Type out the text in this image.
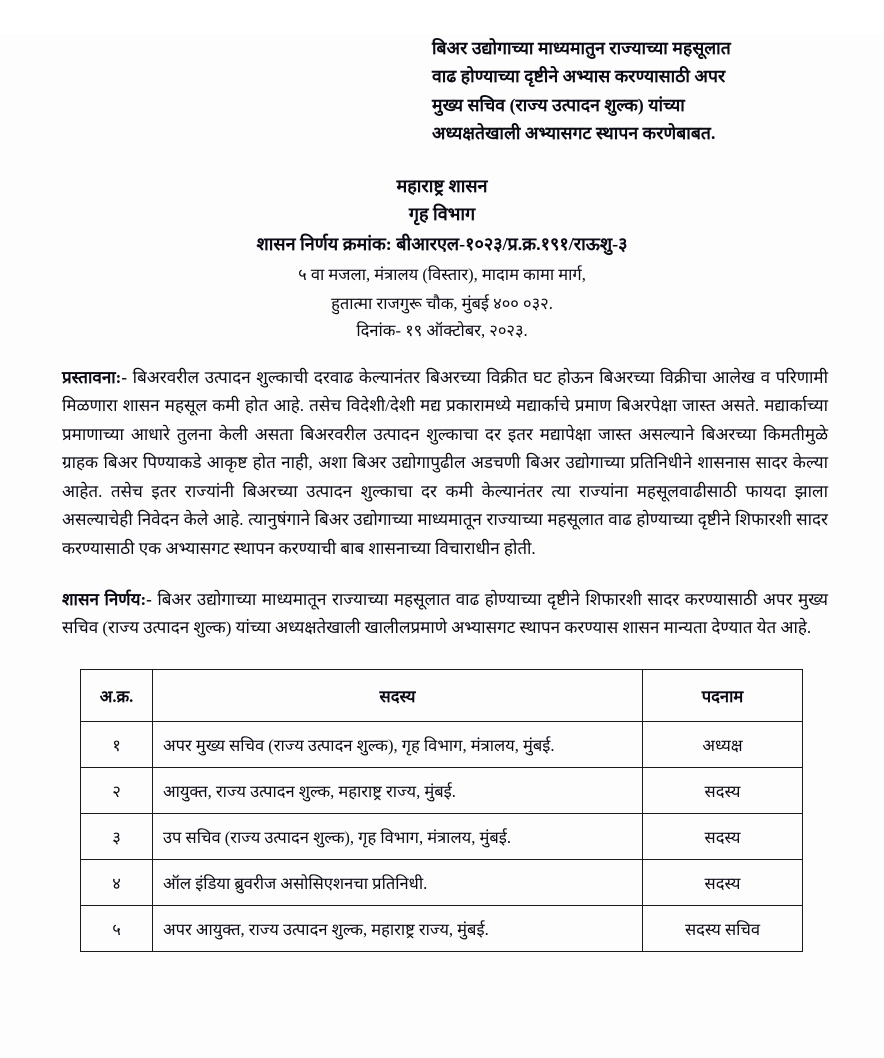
बिअर उद्योगाच्या माध्यमातुन राज्याच्या महसूलात
वाढ होण्याच्या दृष्टीने अभ्यास करण्यासाठी अपर
मुख्य सचिव (राज्य उत्पादन शुल्क) यांच्या
अध्यक्षतेखाली अभ्यासगट स्थापन करणेबाबत.
महाराष्ट्र शासन
गृह विभाग
शासन निर्णय क्रमांक: बीआरएल-१०२३/प्र.क्र.१९१/राऊशु-३
५ वा मजला, मंत्रालय (विस्तार), मादाम कामा मार्ग,
हुतात्मा राजगुरू चौक, मुंबई ४०० ०३२.
दिनांक- १९ ऑक्टोबर, २०२३.

प्रस्तावना:- बिअरवरील उत्पादन शुल्काची दरवाढ केल्यानंतर बिअरच्या विक्रीत घट होऊन बिअरच्या विक्रीचा आलेख व परिणामी मिळणारा शासन महसूल कमी होत आहे. तसेच विदेशी/देशी मद्य प्रकारामध्ये मद्यार्काचे प्रमाण बिअरपेक्षा जास्त असते. मद्यार्काच्या प्रमाणाच्या आधारे तुलना केली असता बिअरवरील उत्पादन शुल्काचा दर इतर मद्यापेक्षा जास्त असल्याने बिअरच्या किमतीमुळे ग्राहक बिअर पिण्याकडे आकृष्ट होत नाही, अशा बिअर उद्योगापुढील अडचणी बिअर उद्योगाच्या प्रतिनिधीने शासनास सादर केल्या आहेत. तसेच इतर राज्यांनी बिअरच्या उत्पादन शुल्काचा दर कमी केल्यानंतर त्या राज्यांना महसूलवाढीसाठी फायदा झाला असल्याचेही निवेदन केले आहे. त्यानुषंगाने बिअर उद्योगाच्या माध्यमातून राज्याच्या महसूलात वाढ होण्याच्या दृष्टीने शिफारशी सादर करण्यासाठी एक अभ्यासगट स्थापन करण्याची बाब शासनाच्या विचाराधीन होती.

शासन निर्णय:- बिअर उद्योगाच्या माध्यमातून राज्याच्या महसूलात वाढ होण्याच्या दृष्टीने शिफारशी सादर करण्यासाठी अपर मुख्य सचिव (राज्य उत्पादन शुल्क) यांच्या अध्यक्षतेखाली खालीलप्रमाणे अभ्यासगट स्थापन करण्यास शासन मान्यता देण्यात येत आहे.

अ.क्र.	सदस्य	पदनाम
१	अपर मुख्य सचिव (राज्य उत्पादन शुल्क), गृह विभाग, मंत्रालय, मुंबई.	अध्यक्ष
२	आयुक्त, राज्य उत्पादन शुल्क, महाराष्ट्र राज्य, मुंबई.	सदस्य
३	उप सचिव (राज्य उत्पादन शुल्क), गृह विभाग, मंत्रालय, मुंबई.	सदस्य
४	ऑल इंडिया ब्रुवरीज असोसिएशनचा प्रतिनिधी.	सदस्य
५	अपर आयुक्त, राज्य उत्पादन शुल्क, महाराष्ट्र राज्य, मुंबई.	सदस्य सचिव
